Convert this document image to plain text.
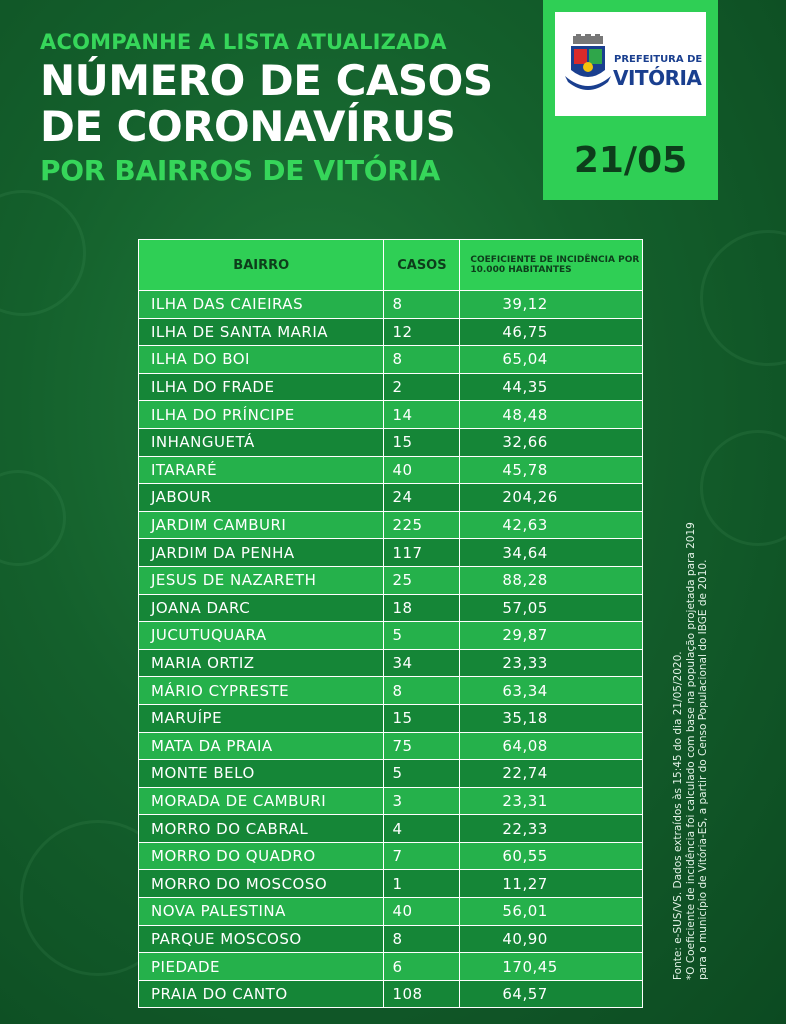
ACOMPANHE A LISTA ATUALIZADA
NÚMERO DE CASOS
DE CORONAVÍRUS
POR BAIRROS DE VITÓRIA
PREFEITURA DE
VITÓRIA
21/05
BAIRRO	CASOS	COEFICIENTE DE INCIDÊNCIA POR 10.000 HABITANTES
ILHA DAS CAIEIRAS	8	39,12
ILHA DE SANTA MARIA	12	46,75
ILHA DO BOI	8	65,04
ILHA DO FRADE	2	44,35
ILHA DO PRÍNCIPE	14	48,48
INHANGUETÁ	15	32,66
ITARARÉ	40	45,78
JABOUR	24	204,26
JARDIM CAMBURI	225	42,63
JARDIM DA PENHA	117	34,64
JESUS DE NAZARETH	25	88,28
JOANA DARC	18	57,05
JUCUTUQUARA	5	29,87
MARIA ORTIZ	34	23,33
MÁRIO CYPRESTE	8	63,34
MARUÍPE	15	35,18
MATA DA PRAIA	75	64,08
MONTE BELO	5	22,74
MORADA DE CAMBURI	3	23,31
MORRO DO CABRAL	4	22,33
MORRO DO QUADRO	7	60,55
MORRO DO MOSCOSO	1	11,27
NOVA PALESTINA	40	56,01
PARQUE MOSCOSO	8	40,90
PIEDADE	6	170,45
PRAIA DO CANTO	108	64,57
Fonte: e-SUS/VS. Dados extraídos às 15:45 do dia 21/05/2020. *O Coeficiente de incidência foi calculado com base na população projetada para 2019 para o município de Vitória-ES, a partir do Censo Populacional do IBGE de 2010.
